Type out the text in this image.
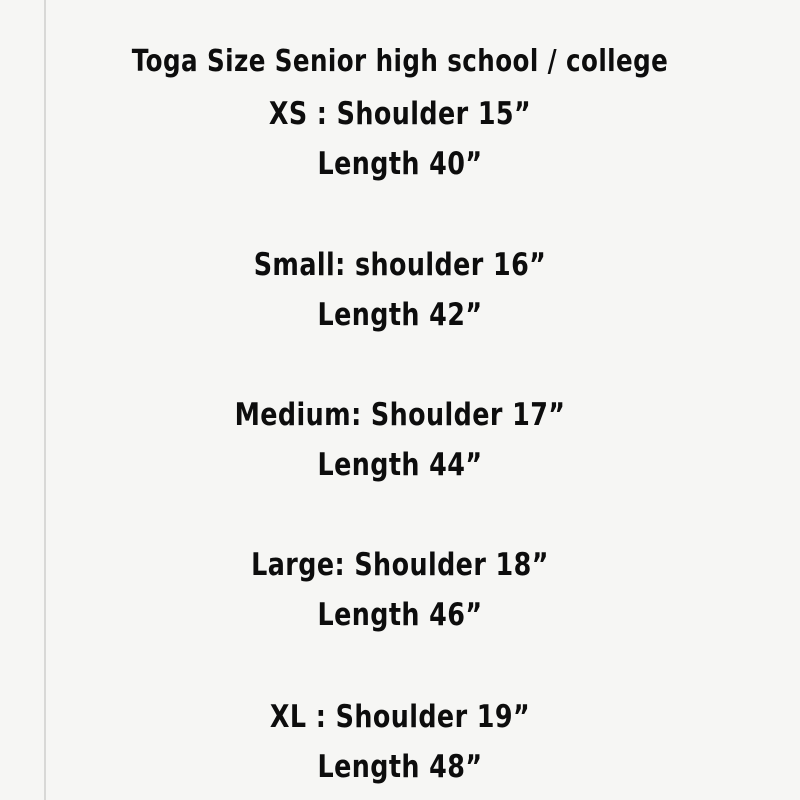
Toga Size Senior high school / college
XS : Shoulder 15”
Length 40”
Small: shoulder 16”
Length 42”
Medium: Shoulder 17”
Length 44”
Large: Shoulder 18”
Length 46”
XL : Shoulder 19”
Length 48”
